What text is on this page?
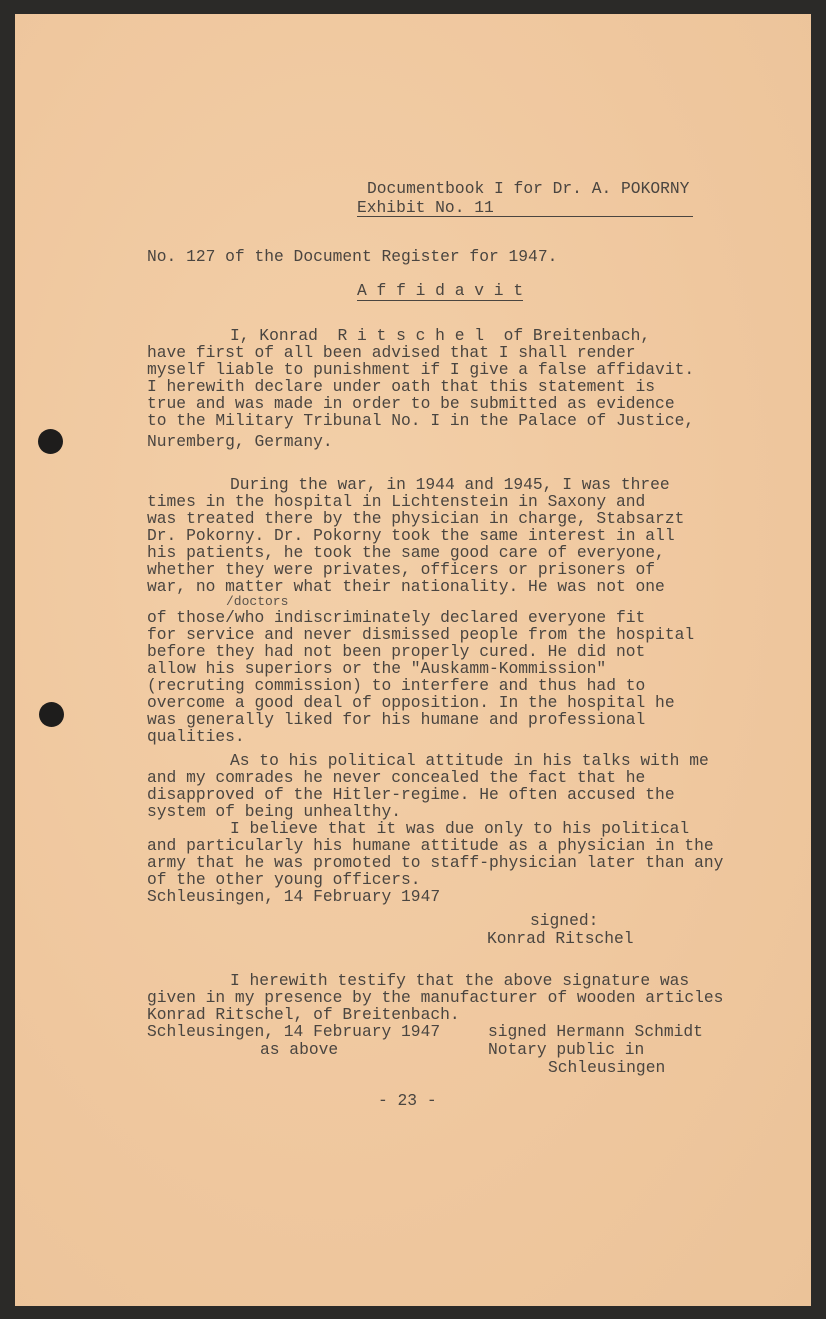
Documentbook I for Dr. A. POKORNY
Exhibit No. 11
No. 127 of the Document Register for 1947.
A f f i d a v i t
I, Konrad  R i t s c h e l  of Breitenbach,
have first of all been advised that I shall render
myself liable to punishment if I give a false affidavit.
I herewith declare under oath that this statement is
true and was made in order to be submitted as evidence
to the Military Tribunal No. I in the Palace of Justice,
Nuremberg, Germany.
During the war, in 1944 and 1945, I was three
times in the hospital in Lichtenstein in Saxony and
was treated there by the physician in charge, Stabsarzt
Dr. Pokorny. Dr. Pokorny took the same interest in all
his patients, he took the same good care of everyone,
whether they were privates, officers or prisoners of
war, no matter what their nationality. He was not one
of those/who indiscriminately declared everyone fit
for service and never dismissed people from the hospital
before they had not been properly cured. He did not
allow his superiors or the "Auskamm-Kommission"
(recruting commission) to interfere and thus had to
overcome a good deal of opposition. In the hospital he
was generally liked for his humane and professional
qualities.
/doctors
As to his political attitude in his talks with me
and my comrades he never concealed the fact that he
disapproved of the Hitler-regime. He often accused the
system of being unhealthy.
I believe that it was due only to his political
and particularly his humane attitude as a physician in the
army that he was promoted to staff-physician later than any
of the other young officers.
Schleusingen, 14 February 1947
signed:
Konrad Ritschel
I herewith testify that the above signature was
given in my presence by the manufacturer of wooden articles
Konrad Ritschel, of Breitenbach.
Schleusingen, 14 February 1947
as above
signed Hermann Schmidt
Notary public in
Schleusingen
- 23 -
